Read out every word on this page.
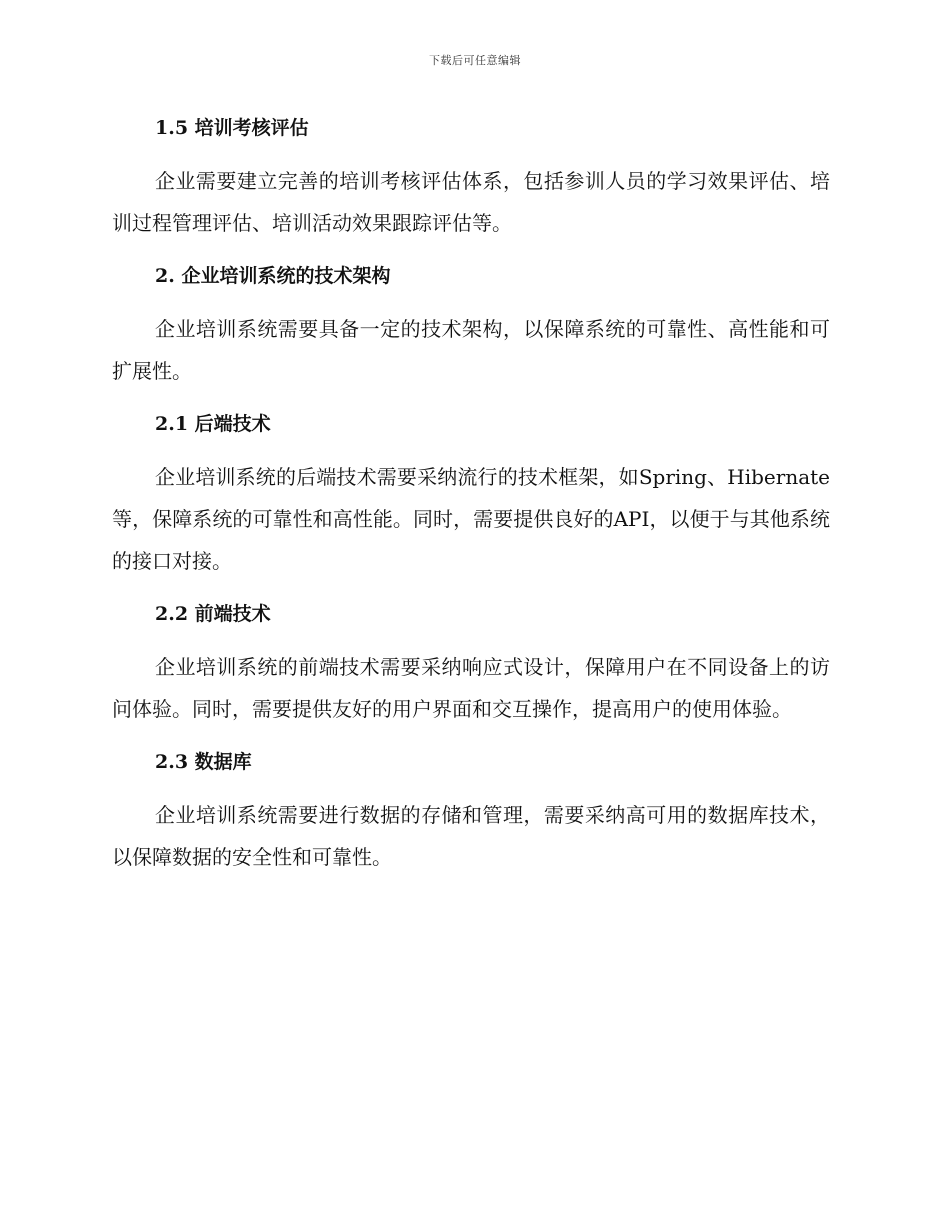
下载后可任意编辑
1.5 培训考核评估

企业需要建立完善的培训考核评估体系，包括参训人员的学习效果评估、培训过程管理评估、培训活动效果跟踪评估等。

2. 企业培训系统的技术架构

企业培训系统需要具备一定的技术架构，以保障系统的可靠性、高性能和可扩展性。

2.1 后端技术

企业培训系统的后端技术需要采纳流行的技术框架，如Spring、Hibernate等，保障系统的可靠性和高性能。同时，需要提供良好的API，以便于与其他系统的接口对接。

2.2 前端技术

企业培训系统的前端技术需要采纳响应式设计，保障用户在不同设备上的访问体验。同时，需要提供友好的用户界面和交互操作，提高用户的使用体验。

2.3 数据库

企业培训系统需要进行数据的存储和管理，需要采纳高可用的数据库技术，以保障数据的安全性和可靠性。
